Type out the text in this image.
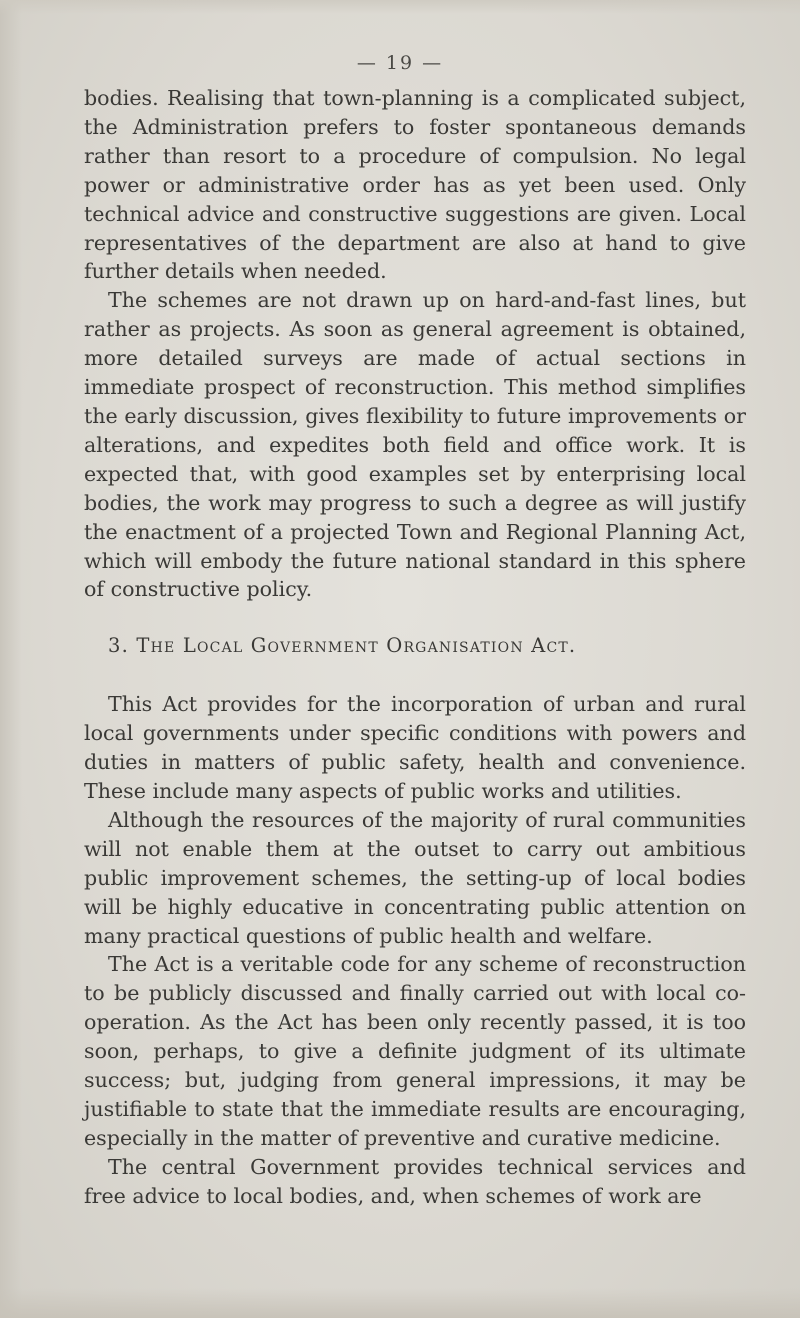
— 19 —

bodies. Realising that town-planning is a complicated subject, the Administration prefers to foster spontaneous demands rather than resort to a procedure of compulsion. No legal power or administrative order has as yet been used. Only technical advice and constructive suggestions are given. Local representatives of the department are also at hand to give further details when needed.

The schemes are not drawn up on hard-and-fast lines, but rather as projects. As soon as general agreement is obtained, more detailed surveys are made of actual sections in immediate prospect of reconstruction. This method simplifies the early discussion, gives flexibility to future improvements or alterations, and expedites both field and office work. It is expected that, with good examples set by enterprising local bodies, the work may progress to such a degree as will justify the enactment of a projected Town and Regional Planning Act, which will embody the future national standard in this sphere of constructive policy.

3. The Local Government Organisation Act.

This Act provides for the incorporation of urban and rural local governments under specific conditions with powers and duties in matters of public safety, health and convenience. These include many aspects of public works and utilities.

Although the resources of the majority of rural communities will not enable them at the outset to carry out ambitious public improvement schemes, the setting-up of local bodies will be highly educative in concentrating public attention on many practical questions of public health and welfare.

The Act is a veritable code for any scheme of reconstruction to be publicly discussed and finally carried out with local co-operation. As the Act has been only recently passed, it is too soon, perhaps, to give a definite judgment of its ultimate success; but, judging from general impressions, it may be justifiable to state that the immediate results are encouraging, especially in the matter of preventive and curative medicine.

The central Government provides technical services and free advice to local bodies, and, when schemes of work are
